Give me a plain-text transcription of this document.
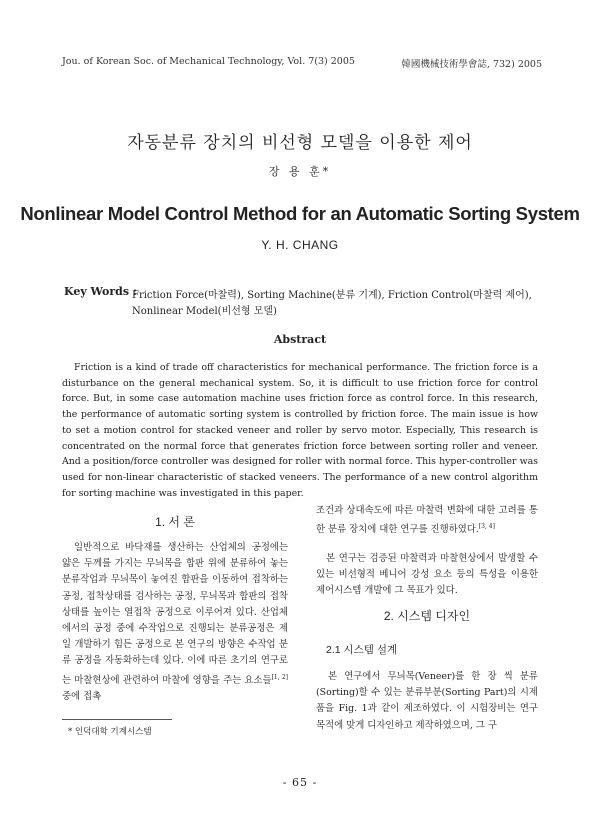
Jou. of Korean Soc. of Mechanical Technology, Vol. 7(3) 2005	韓國機械技術學會誌, 732) 2005
자동분류 장치의 비선형 모델을 이용한 제어
장 용 훈*
Nonlinear Model Control Method for an Automatic Sorting System
Y. H. CHANG
Key Words :
Friction Force(마찰력), Sorting Machine(분류 기계), Friction Control(마찰력 제어),
Nonlinear Model(비선형 모델)
Abstract

Friction is a kind of trade off characteristics for mechanical performance. The friction force is a disturbance on the general mechanical system. So, it is difficult to use friction force for control force. But, in some case automation machine uses friction force as control force. In this research, the performance of automatic sorting system is controlled by friction force. The main issue is how to set a motion control for stacked veneer and roller by servo motor. Especially, This research is concentrated on the normal force that generates friction force between sorting roller and veneer. And a position/force controller was designed for roller with normal force. This hyper-controller was used for non-linear characteristic of stacked veneers. The performance of a new control algorithm for sorting machine was investigated in this paper.

1. 서 론

일반적으로 바닥재를 생산하는 산업체의 공정에는 얇은 두께를 가지는 무늬목을 합판 위에 분류하여 놓는 분류작업과 무늬목이 놓여진 합판을 이동하여 접착하는 공정, 접착상태를 검사하는 공정, 무늬목과 합판의 접착상태를 높이는 열접착 공정으로 이루어져 있다. 산업체에서의 공정 중에 수작업으로 진행되는 분류공정은 제일 개발하기 힘든 공정으로 본 연구의 방향은 수작업 분류 공정을 자동화하는데 있다. 이에 따른 초기의 연구로는 마찰현상에 관련하여 마찰에 영향을 주는 요소들[1, 2] 중에 접촉

* 인덕대학 기계시스템

조건과 상대속도에 따른 마찰력 변화에 대한 고려를 통한 분류 장치에 대한 연구를 진행하였다.[3, 4]

본 연구는 검증된 마찰력과 마찰현상에서 발생할 수 있는 비선형적 베니어 강성 요소 등의 특성을 이용한 제어시스템 개발에 그 목표가 있다.

2. 시스템 디자인
2.1 시스템 설계

본 연구에서 무늬목(Veneer)를 한 장 씩 분류(Sorting)할 수 있는 분류부분(Sorting Part)의 시제품을 Fig. 1과 같이 제조하였다. 이 시험장비는 연구 목적에 맞게 디자인하고 제작하였으며, 그 구

- 65 -
